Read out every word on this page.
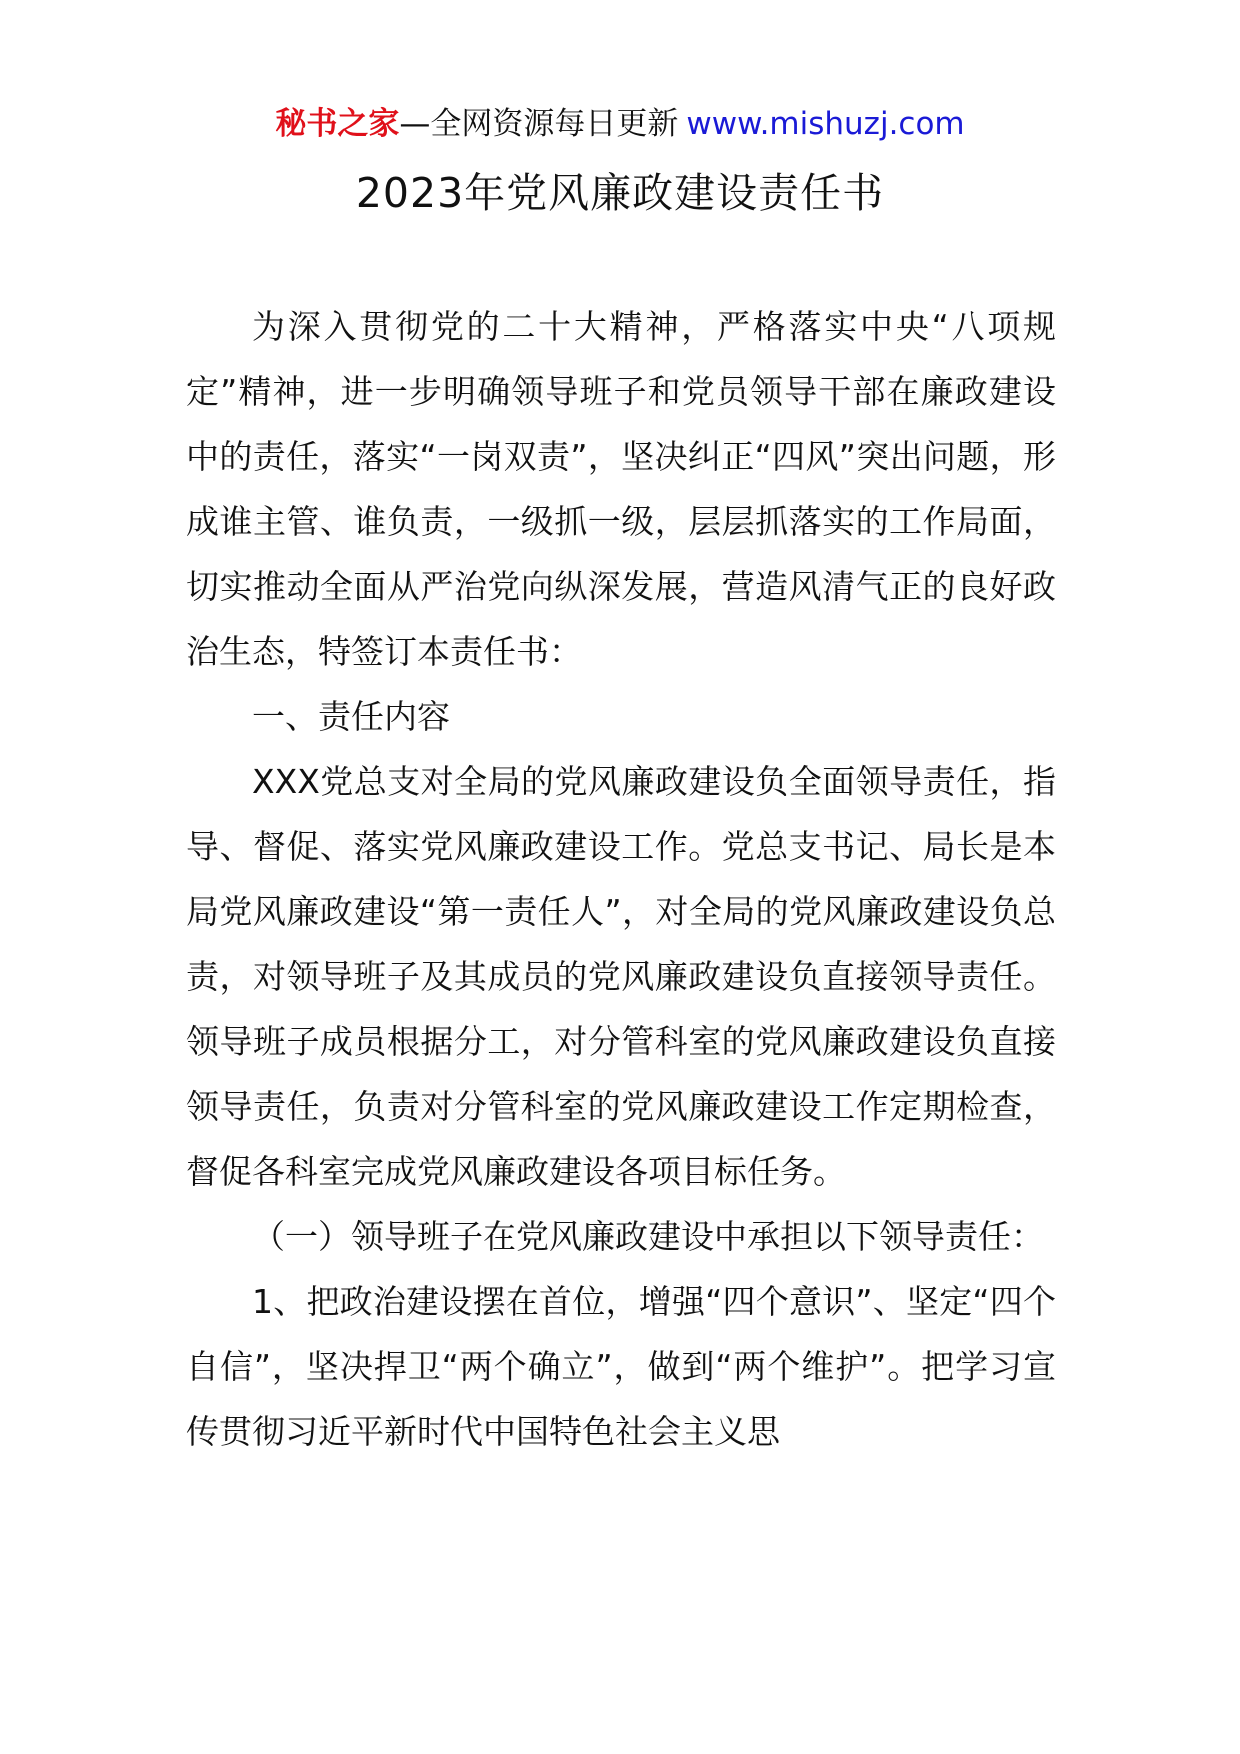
秘书之家—全网资源每日更新 www.mishuzj.com
2023年党风廉政建设责任书

为深入贯彻党的二十大精神，严格落实中央“八项规定”精神，进一步明确领导班子和党员领导干部在廉政建设中的责任，落实“一岗双责”，坚决纠正“四风”突出问题，形成谁主管、谁负责，一级抓一级，层层抓落实的工作局面，切实推动全面从严治党向纵深发展，营造风清气正的良好政治生态，特签订本责任书：

一、责任内容

XXX党总支对全局的党风廉政建设负全面领导责任，指导、督促、落实党风廉政建设工作。党总支书记、局长是本局党风廉政建设“第一责任人”，对全局的党风廉政建设负总责，对领导班子及其成员的党风廉政建设负直接领导责任。领导班子成员根据分工，对分管科室的党风廉政建设负直接领导责任，负责对分管科室的党风廉政建设工作定期检查，督促各科室完成党风廉政建设各项目标任务。

（一）领导班子在党风廉政建设中承担以下领导责任：

1、把政治建设摆在首位，增强“四个意识”、坚定“四个自信”，坚决捍卫“两个确立”，做到“两个维护”。把学习宣传贯彻习近平新时代中国特色社会主义思
